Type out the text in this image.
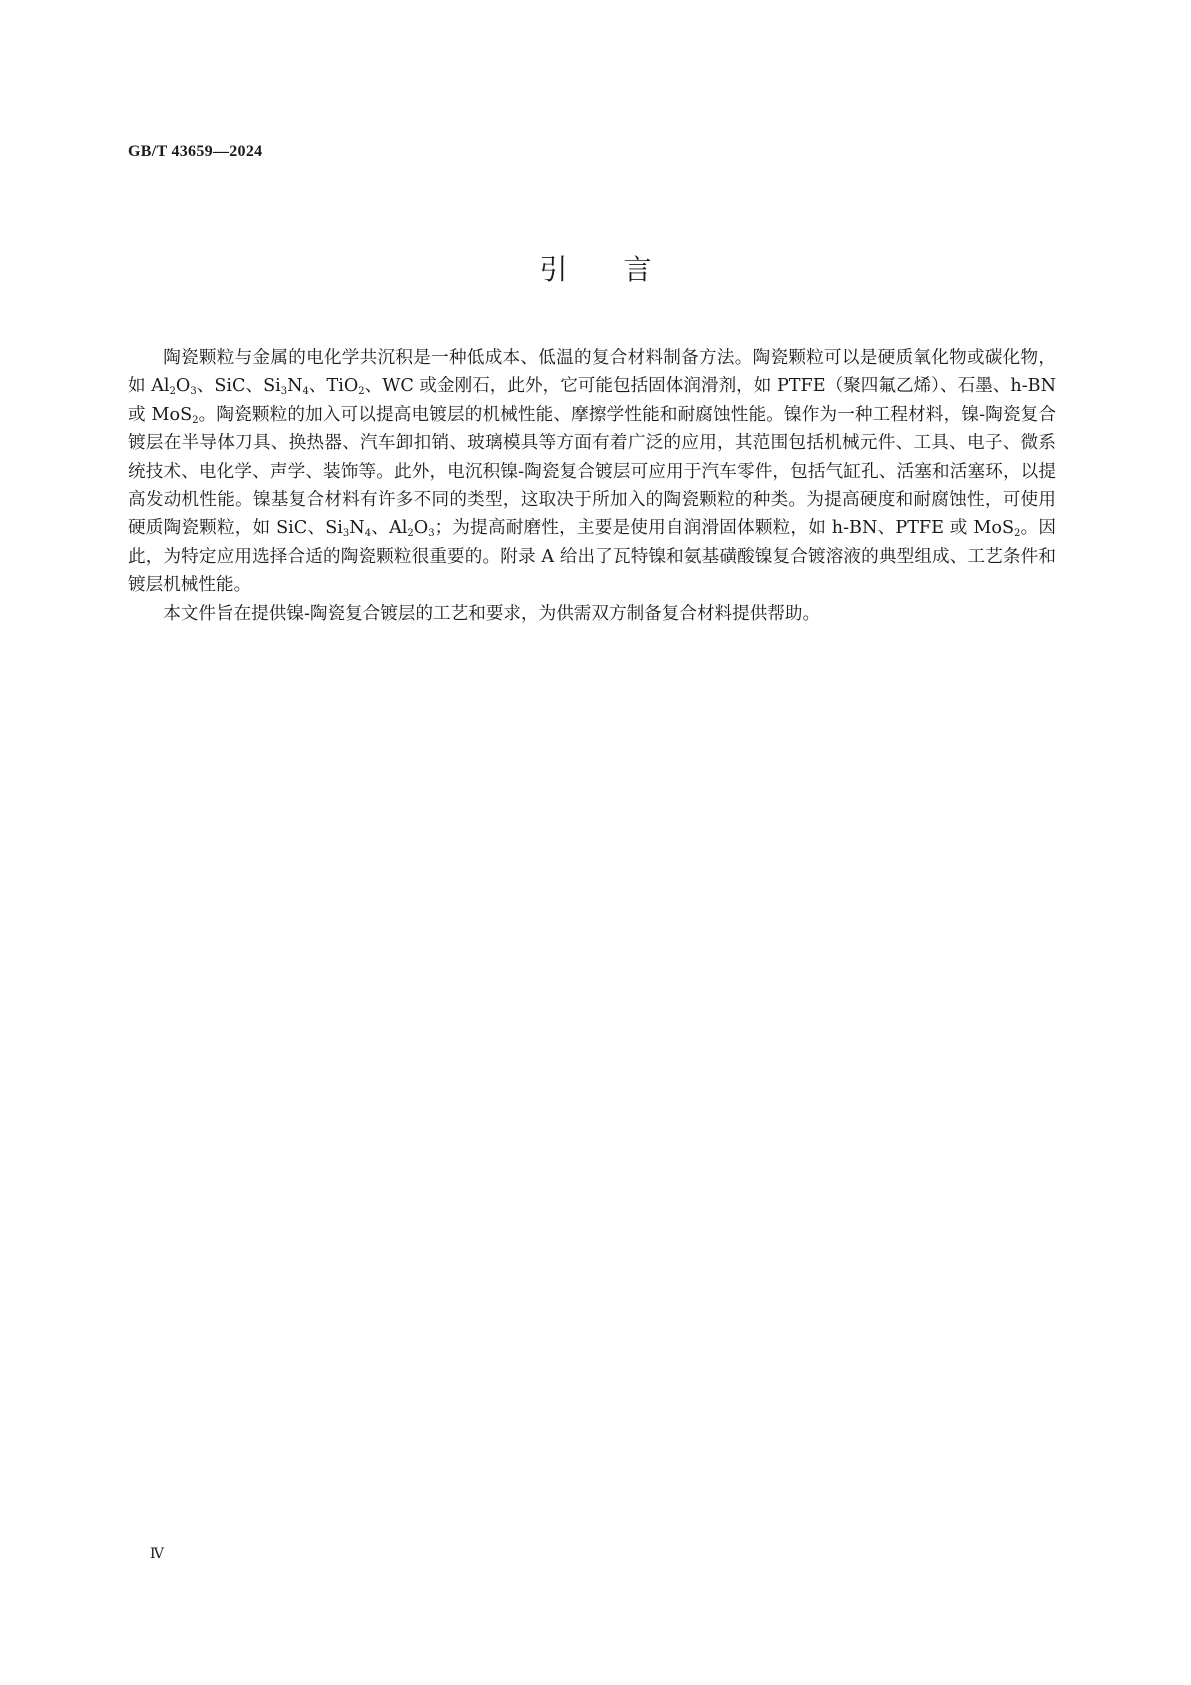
GB/T 43659—2024
引言

陶瓷颗粒与金属的电化学共沉积是一种低成本、低温的复合材料制备方法。陶瓷颗粒可以是硬质氧化物或碳化物，如 $Al_2O_3$、SiC、$Si_3N_4$、TiO$_2$、WC 或金刚石，此外，它可能包括固体润滑剂，如 PTFE（聚四氟乙烯）、石墨、h-BN 或 MoS$_2$。陶瓷颗粒的加入可以提高电镀层的机械性能、摩擦学性能和耐腐蚀性能。镍作为一种工程材料，镍-陶瓷复合镀层在半导体刀具、换热器、汽车卸扣销、玻璃模具等方面有着广泛的应用，其范围包括机械元件、工具、电子、微系统技术、电化学、声学、装饰等。此外，电沉积镍-陶瓷复合镀层可应用于汽车零件，包括气缸孔、活塞和活塞环，以提高发动机性能。镍基复合材料有许多不同的类型，这取决于所加入的陶瓷颗粒的种类。为提高硬度和耐腐蚀性，可使用硬质陶瓷颗粒，如 SiC、$Si_3N_4$、$Al_2O_3$；为提高耐磨性，主要是使用自润滑固体颗粒，如 h-BN、PTFE 或 MoS$_2$。因此，为特定应用选择合适的陶瓷颗粒很重要的。附录 A 给出了瓦特镍和氨基磺酸镍复合镀溶液的典型组成、工艺条件和镀层机械性能。

本文件旨在提供镍-陶瓷复合镀层的工艺和要求，为供需双方制备复合材料提供帮助。

Ⅳ
